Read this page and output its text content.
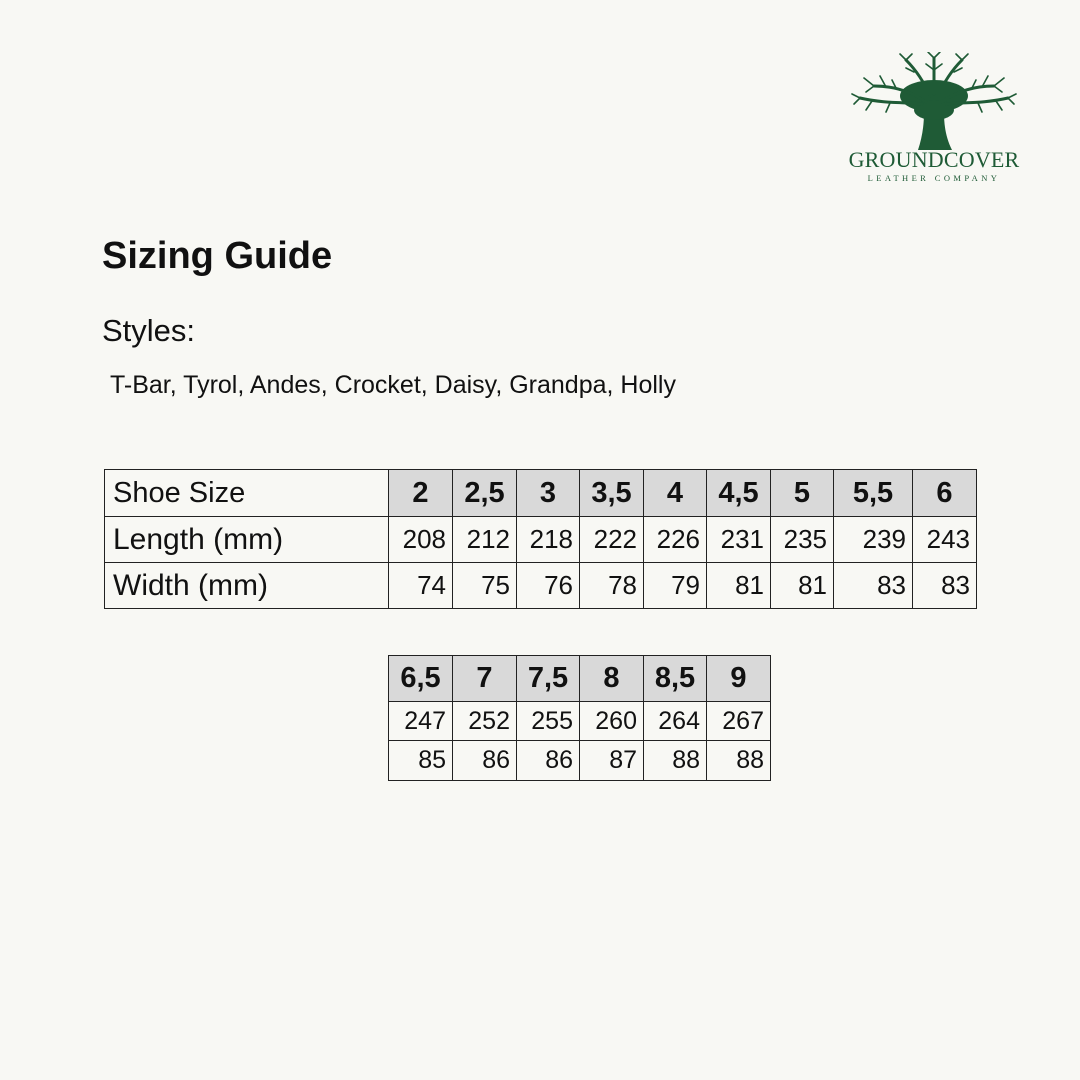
GROUNDCOVER
LEATHER COMPANY
Sizing Guide
Styles:
T-Bar, Tyrol, Andes, Crocket, Daisy, Grandpa, Holly
Shoe Size	2	2,5	3	3,5	4	4,5	5	5,5	6
Length (mm)	208	212	218	222	226	231	235	239	243
Width (mm)	74	75	76	78	79	81	81	83	83
6,5	7	7,5	8	8,5	9
247	252	255	260	264	267
85	86	86	87	88	88
